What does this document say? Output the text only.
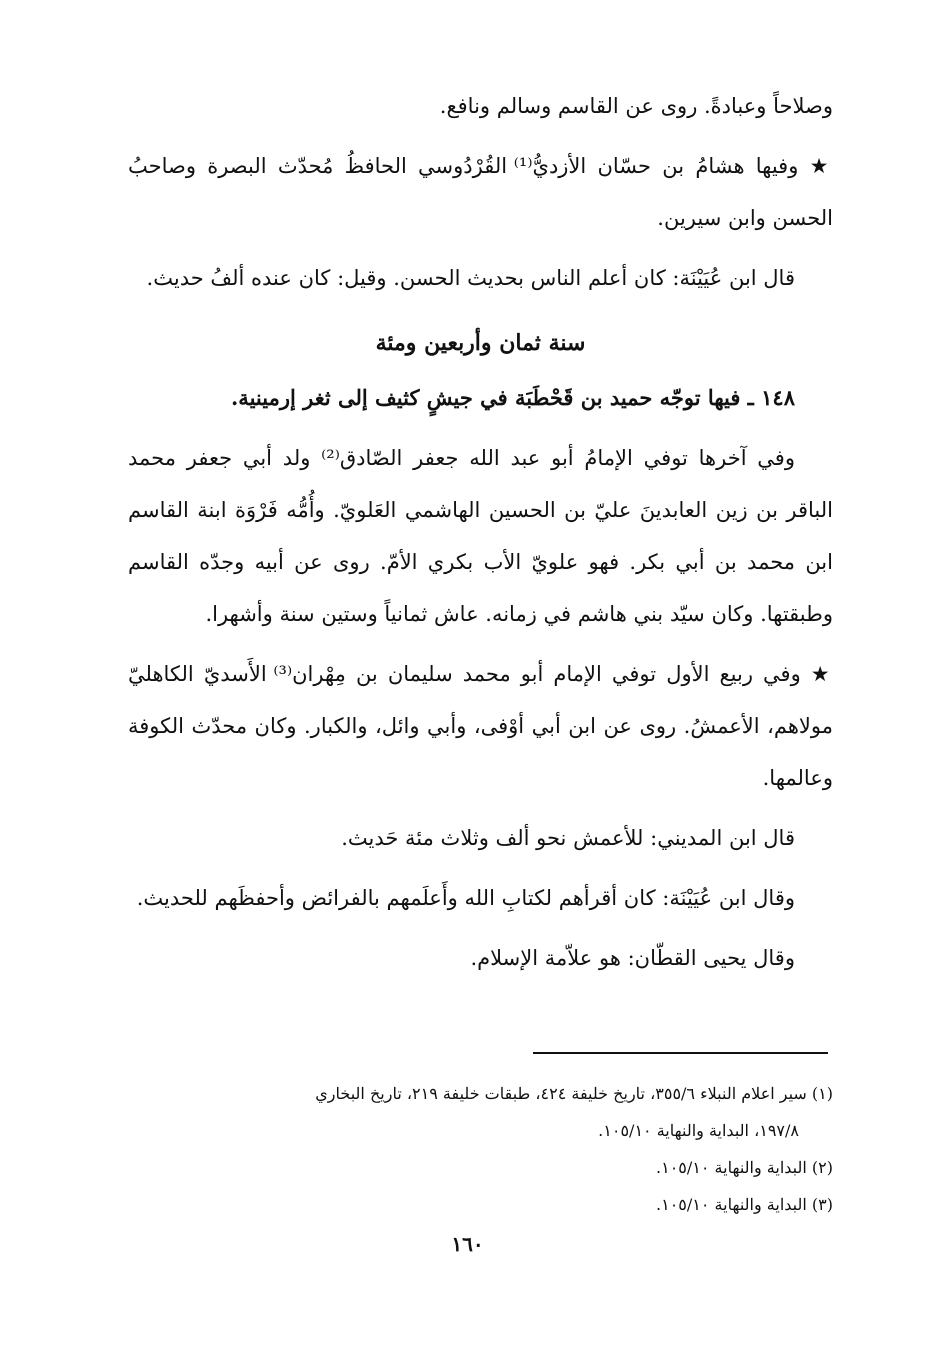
وصلاحاً وعبادةً. روى عن القاسم وسالم ونافع.

★ وفيها هشامُ بن حسّان الأزديُّ⁽¹⁾ القُرْدُوسي الحافظُ مُحدّث البصرة وصاحبُ الحسن وابن سيرين.

قال ابن عُيَيْنَة: كان أعلم الناس بحديث الحسن. وقيل: كان عنده ألفُ حديث.

سنة ثمان وأربعين ومئة

١٤٨ ـ فيها توجّه حميد بن قَحْطَبَة في جيشٍ كثيف إلى ثغر إرمينية.

وفي آخرها توفي الإمامُ أبو عبد الله جعفر الصّادق⁽²⁾ ولد أبي جعفر محمد الباقر بن زين العابدينَ عليّ بن الحسين الهاشمي العَلويّ. وأُمُّه فَرْوَة ابنة القاسم ابن محمد بن أبي بكر. فهو علويّ الأب بكري الأمّ. روى عن أبيه وجدّه القاسم وطبقتها. وكان سيّد بني هاشم في زمانه. عاش ثمانياً وستين سنة وأشهرا.

★ وفي ربيع الأول توفي الإمام أبو محمد سليمان بن مِهْران⁽³⁾ الأَسديّ الكاهليّ مولاهم، الأعمشُ. روى عن ابن أبي أوْفى، وأبي وائل، والكبار. وكان محدّث الكوفة وعالمها.

قال ابن المديني: للأعمش نحو ألف وثلاث مئة حَديث.

وقال ابن عُيَيْنَة: كان أقرأهم لكتابِ الله وأَعلَمهم بالفرائض وأحفظَهم للحديث.

وقال يحيى القطّان: هو علاّمة الإسلام.

(١) سير اعلام النبلاء ٣٥٥/٦، تاريخ خليفة ٤٢٤، طبقات خليفة ٢١٩، تاريخ البخاري
١٩٧/٨، البداية والنهاية ١٠٥/١٠.

(٢) البداية والنهاية ١٠٥/١٠.

(٣) البداية والنهاية ١٠٥/١٠.

١٦٠
